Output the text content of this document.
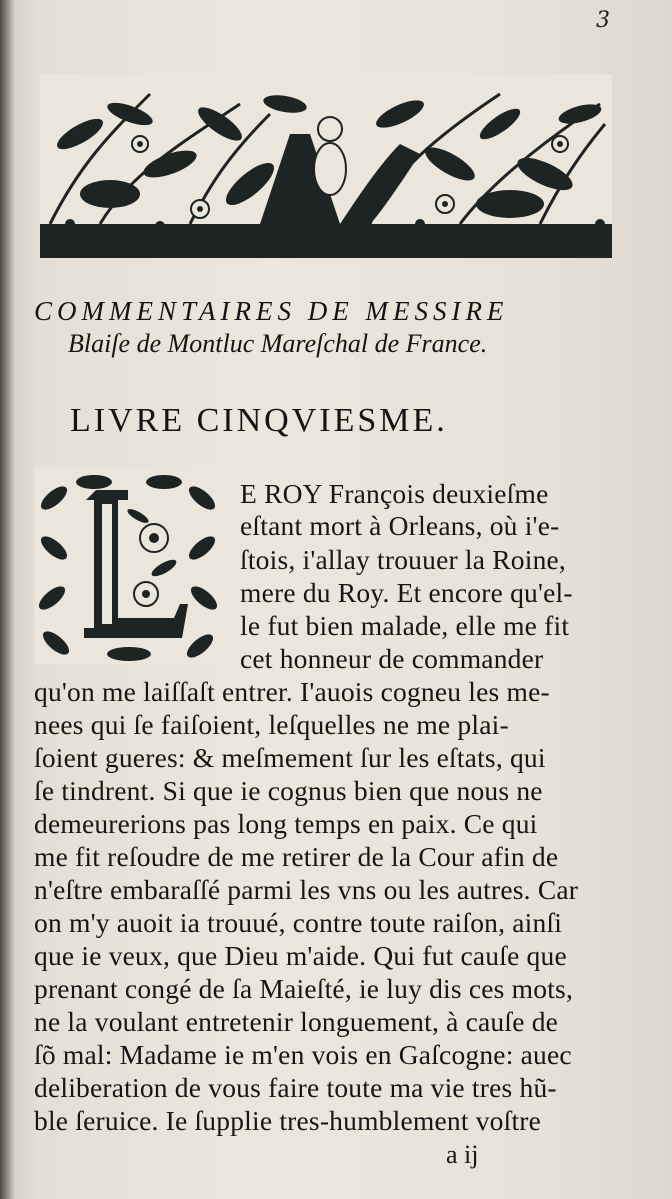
3
COMMENTAIRES DE MESSIRE
Blaiſe de Montluc Mareſchal de France.
LIVRE CINQVIESME.
E ROY François deuxieſme
eſtant mort à Orleans, où i'e-
ſtois, i'allay trouuer la Roine,
mere du Roy. Et encore qu'el-
le fut bien malade, elle me fit
cet honneur de commander
qu'on me laiſſaſt entrer. I'auois cogneu les me-
nees qui ſe faiſoient, leſquelles ne me plai-
ſoient gueres: & meſmement ſur les eſtats, qui
ſe tindrent. Si que ie cognus bien que nous ne
demeurerions pas long temps en paix. Ce qui
me fit reſoudre de me retirer de la Cour afin de
n'eſtre embaraſſé parmi les vns ou les autres. Car
on m'y auoit ia trouué, contre toute raiſon, ainſi
que ie veux, que Dieu m'aide. Qui fut cauſe que
prenant congé de ſa Maieſté, ie luy dis ces mots,
ne la voulant entretenir longuement, à cauſe de
ſõ mal: Madame ie m'en vois en Gaſcogne: auec
deliberation de vous faire toute ma vie tres hũ-
ble ſeruice. Ie ſupplie tres-humblement voſtre
a ij
